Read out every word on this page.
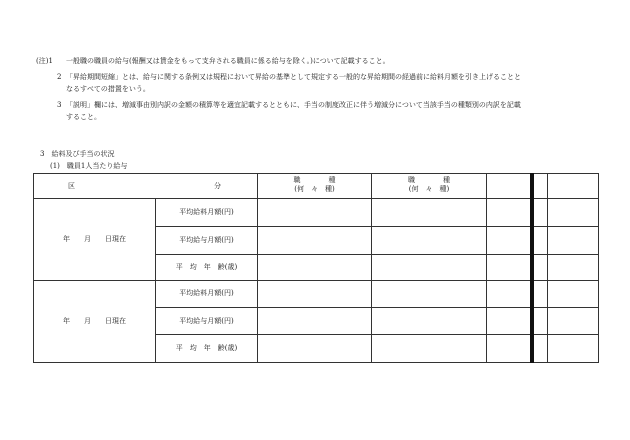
(注)1 一般職の職員の給与(報酬又は賃金をもって支弁される職員に係る給与を除く。)について記載すること。
2 「昇給期間短縮」とは、給与に関する条例又は規程において昇給の基準として規定する一般的な昇給期間の経過前に給料月額を引き上げることと
なるすべての措置をいう。
3 「説明」欄には、増減事由別内訳の金額の積算等を適宜記載するとともに、手当の制度改正に伴う増減分について当該手当の種類別の内訳を記載
すること。
3　給料及び手当の状況
(1)　職員1人当たり給与
区	分
職　　　　種
(何　々　種)
職　　　　種
(何　々　種)
年　　月　　日現在
平均給料月額(円)
平均給与月額(円)
平　均　年　齢(歳)
年　　月　　日現在
平均給料月額(円)
平均給与月額(円)
平　均　年　齢(歳)
